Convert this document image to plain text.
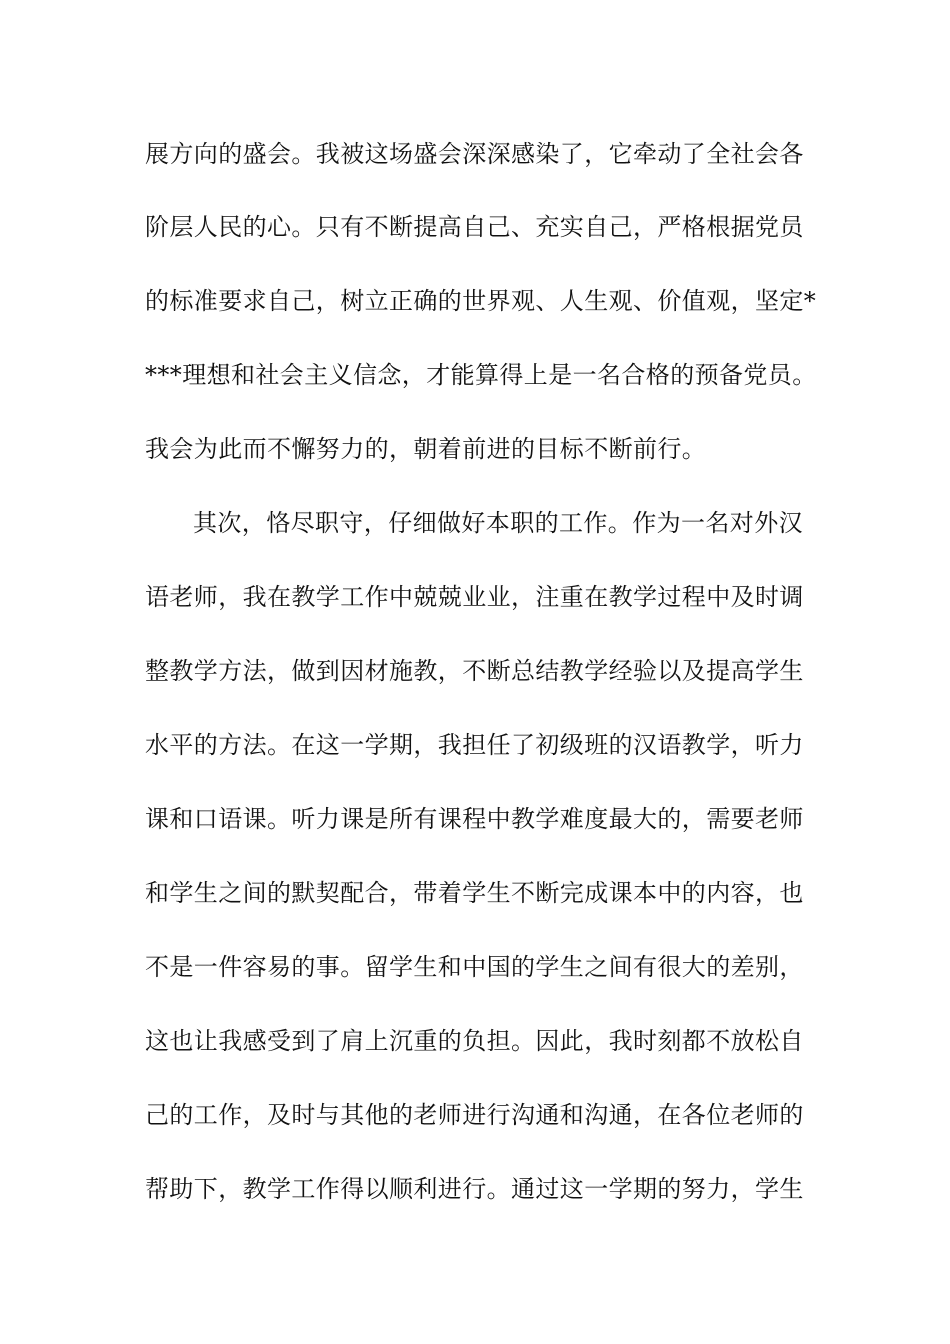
展方向的盛会。我被这场盛会深深感染了，它牵动了全社会各
阶层人民的心。只有不断提高自己、充实自己，严格根据党员
的标准要求自己，树立正确的世界观、人生观、价值观，坚定*
***理想和社会主义信念，才能算得上是一名合格的预备党员。
我会为此而不懈努力的，朝着前进的目标不断前行。
其次，恪尽职守，仔细做好本职的工作。作为一名对外汉
语老师，我在教学工作中兢兢业业，注重在教学过程中及时调
整教学方法，做到因材施教，不断总结教学经验以及提高学生
水平的方法。在这一学期，我担任了初级班的汉语教学，听力
课和口语课。听力课是所有课程中教学难度最大的，需要老师
和学生之间的默契配合，带着学生不断完成课本中的内容，也
不是一件容易的事。留学生和中国的学生之间有很大的差别，
这也让我感受到了肩上沉重的负担。因此，我时刻都不放松自
己的工作，及时与其他的老师进行沟通和沟通，在各位老师的
帮助下，教学工作得以顺利进行。通过这一学期的努力，学生
